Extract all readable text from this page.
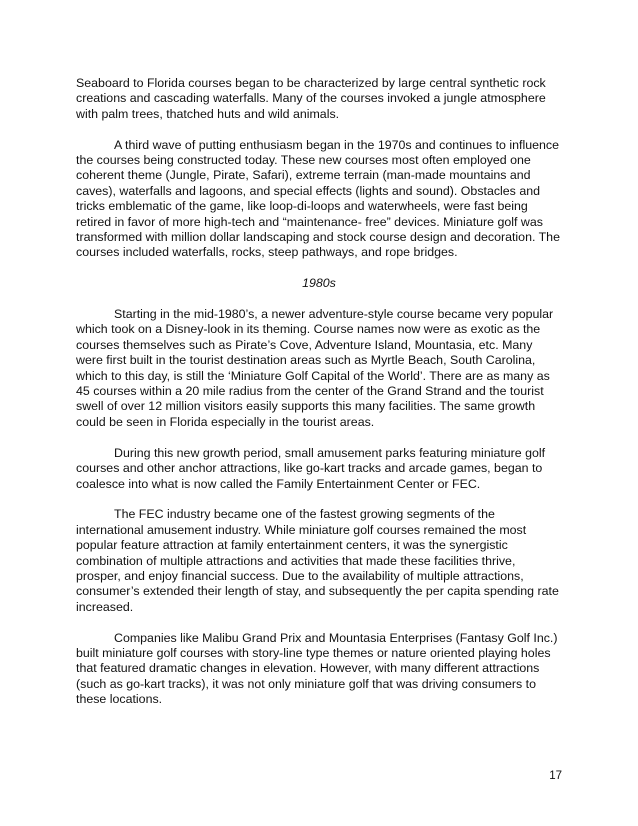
Seaboard to Florida courses began to be characterized by large central synthetic rock creations and cascading waterfalls. Many of the courses invoked a jungle atmosphere with palm trees, thatched huts and wild animals.

A third wave of putting enthusiasm began in the 1970s and continues to influence the courses being constructed today. These new courses most often employed one coherent theme (Jungle, Pirate, Safari), extreme terrain (man-made mountains and caves), waterfalls and lagoons, and special effects (lights and sound). Obstacles and tricks emblematic of the game, like loop-di-loops and waterwheels, were fast being retired in favor of more high-tech and “maintenance- free” devices. Miniature golf was transformed with million dollar landscaping and stock course design and decoration. The courses included waterfalls, rocks, steep pathways, and rope bridges.

1980s

Starting in the mid-1980’s, a newer adventure-style course became very popular which took on a Disney-look in its theming. Course names now were as exotic as the courses themselves such as Pirate’s Cove, Adventure Island, Mountasia, etc. Many were first built in the tourist destination areas such as Myrtle Beach, South Carolina, which to this day, is still the ‘Miniature Golf Capital of the World’. There are as many as 45 courses within a 20 mile radius from the center of the Grand Strand and the tourist swell of over 12 million visitors easily supports this many facilities. The same growth could be seen in Florida especially in the tourist areas.

During this new growth period, small amusement parks featuring miniature golf courses and other anchor attractions, like go-kart tracks and arcade games, began to coalesce into what is now called the Family Entertainment Center or FEC.

The FEC industry became one of the fastest growing segments of the international amusement industry. While miniature golf courses remained the most popular feature attraction at family entertainment centers, it was the synergistic combination of multiple attractions and activities that made these facilities thrive, prosper, and enjoy financial success. Due to the availability of multiple attractions, consumer’s extended their length of stay, and subsequently the per capita spending rate increased.

Companies like Malibu Grand Prix and Mountasia Enterprises (Fantasy Golf Inc.) built miniature golf courses with story-line type themes or nature oriented playing holes that featured dramatic changes in elevation. However, with many different attractions (such as go-kart tracks), it was not only miniature golf that was driving consumers to these locations.

17
